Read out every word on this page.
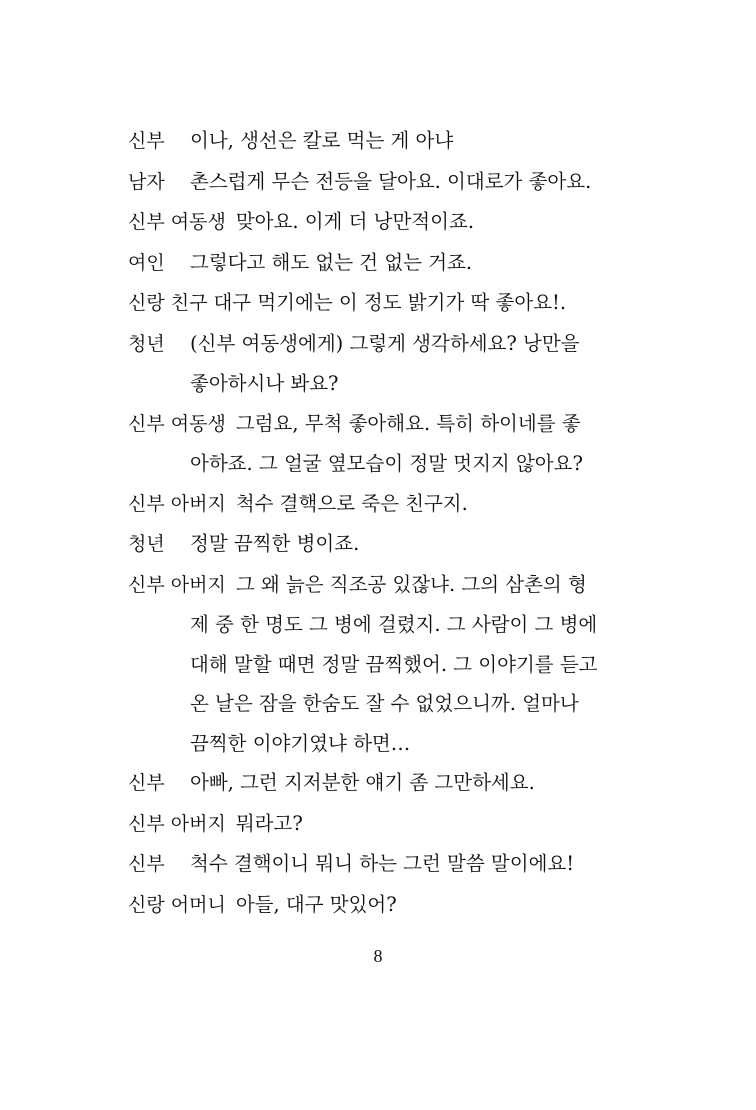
신부 이나, 생선은 칼로 먹는 게 아냐
남자 촌스럽게 무슨 전등을 달아요. 이대로가 좋아요.
신부 여동생 맞아요. 이게 더 낭만적이죠.
여인 그렇다고 해도 없는 건 없는 거죠.
신랑 친구 대구 먹기에는 이 정도 밝기가 딱 좋아요!.
청년 (신부 여동생에게) 그렇게 생각하세요? 낭만을
좋아하시나 봐요?
신부 여동생 그럼요, 무척 좋아해요. 특히 하이네를 좋
아하죠. 그 얼굴 옆모습이 정말 멋지지 않아요?
신부 아버지 척수 결핵으로 죽은 친구지.
청년 정말 끔찍한 병이죠.
신부 아버지 그 왜 늙은 직조공 있잖냐. 그의 삼촌의 형
제 중 한 명도 그 병에 걸렸지. 그 사람이 그 병에
대해 말할 때면 정말 끔찍했어. 그 이야기를 듣고
온 날은 잠을 한숨도 잘 수 없었으니까. 얼마나
끔찍한 이야기였냐 하면…
신부 아빠, 그런 지저분한 얘기 좀 그만하세요.
신부 아버지 뭐라고?
신부 척수 결핵이니 뭐니 하는 그런 말씀 말이에요!
신랑 어머니 아들, 대구 맛있어?
8
